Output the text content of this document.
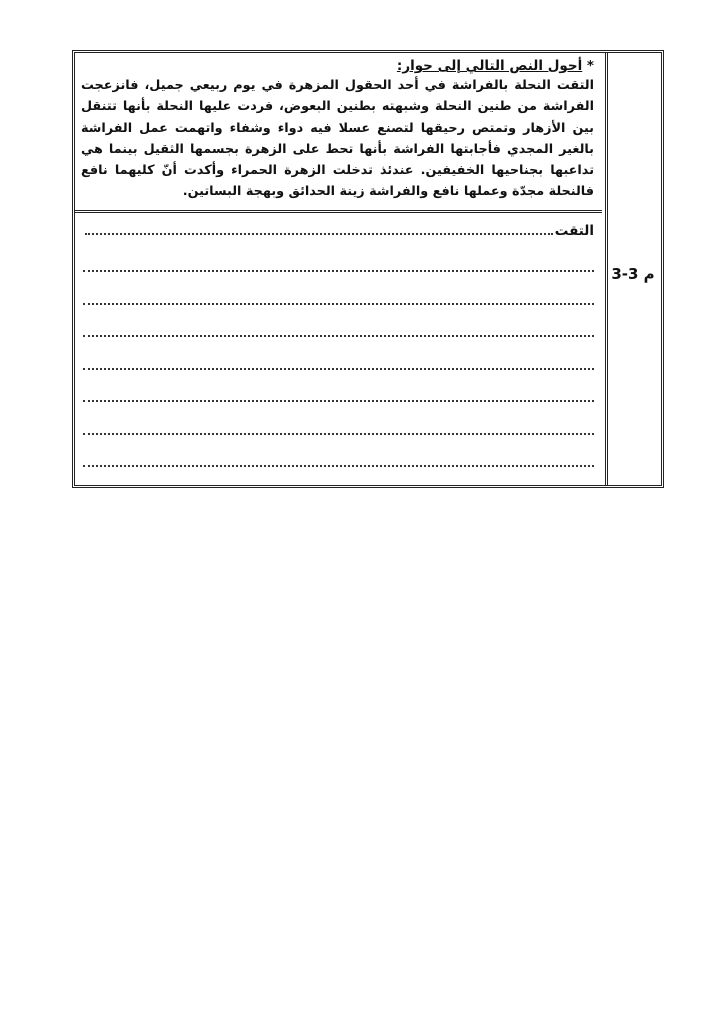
م 3-3

* أحول النص التالي إلى حوار:

التقت النحلة بالفراشة في أحد الحقول المزهرة في يوم ربيعي جميل، فانزعجت الفراشة من طنين النحلة وشبهته بطنين البعوض، فردت عليها النحلة بأنها تتنقل بين الأزهار وتمتص رحيقها لتصنع عسلا فيه دواء وشفاء واتهمت عمل الفراشة بالغير المجدي فأجابتها الفراشة بأنها تحط على الزهرة بجسمها الثقيل بينما هي تداعبها بجناحيها الخفيفين. عندئذ تدخلت الزهرة الحمراء وأكدت أنّ كليهما نافع فالنحلة مجدّة وعملها نافع والفراشة زينة الحدائق وبهجة البساتين.

التقت
